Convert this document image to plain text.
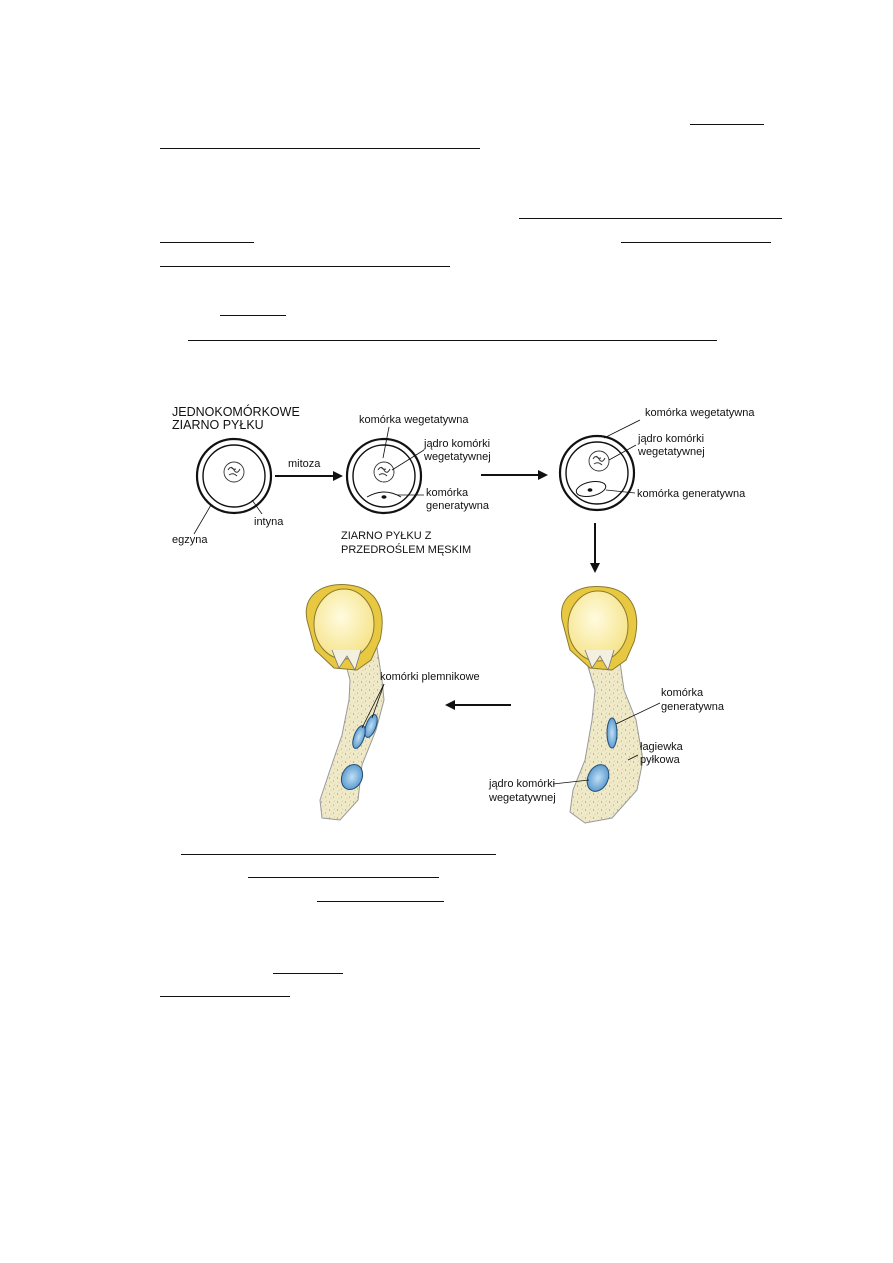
JEDNOKOMÓRKOWE
ZIARNO PYŁKU
egzyna
intyna
mitoza
komórka wegetatywna
jądro komórki
wegetatywnej
komórka
generatywna
ZIARNO PYŁKU Z
PRZEDROŚLEM MĘSKIM
komórka wegetatywna
jądro komórki
wegetatywnej
komórka generatywna
komórka
generatywna
łagiewka
pyłkowa
jądro komórki
wegetatywnej
komórki plemnikowe
